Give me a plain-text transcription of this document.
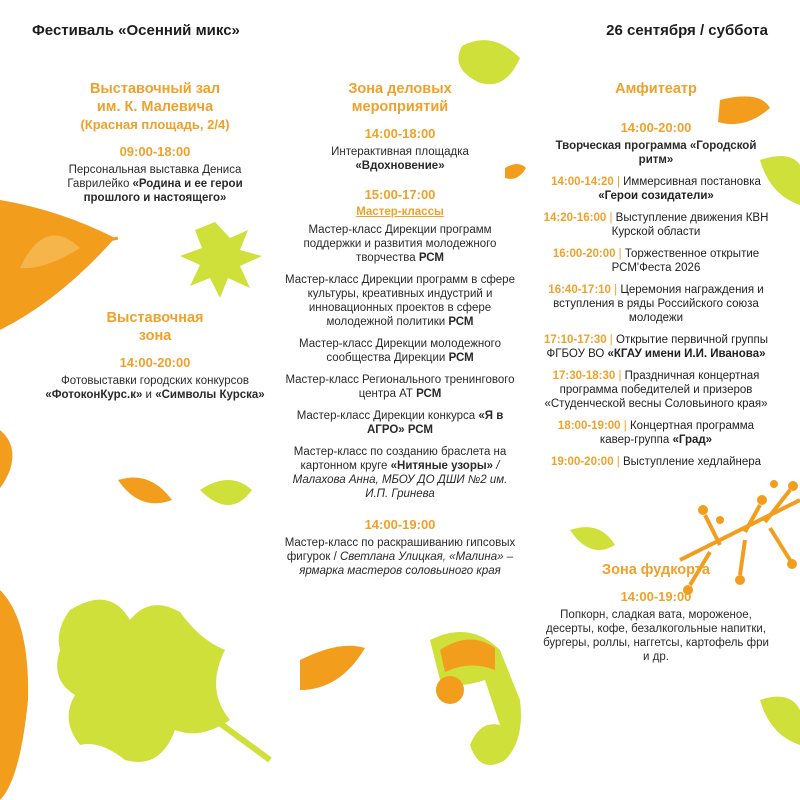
Фестиваль «Осенний микс»	26 сентября / суббота
Выставочный зал
им. К. Малевича
(Красная площадь, 2/4)
09:00-18:00
Персональная выставка Дениса Гаврилейко «Родина и ее герои прошлого и настоящего»
Выставочная
зона
14:00-20:00
Фотовыставки городских конкурсов «ФотоконКурс.к» и «Символы Курска»
Зона деловых
мероприятий
14:00-18:00
Интерактивная площадка
«Вдохновение»
15:00-17:00
Мастер-классы
Мастер-класс Дирекции программ поддержки и развития молодежного творчества РСМ
Мастер-класс Дирекции программ в сфере культуры, креативных индустрий и инновационных проектов в сфере молодежной политики РСМ
Мастер-класс Дирекции молодежного сообщества Дирекции РСМ
Мастер-класс Регионального тренингового центра АТ РСМ
Мастер-класс Дирекции конкурса «Я в АГРО» РСМ
Мастер-класс по созданию браслета на картонном круге «Нитяные узоры» / Малахова Анна, МБОУ ДО ДШИ №2 им. И.П. Гринева
14:00-19:00
Мастер-класс по раскрашиванию гипсовых фигурок / Светлана Улицкая, «Малина» – ярмарка мастеров соловьиного края
Амфитеатр
14:00-20:00
Творческая программа «Городской ритм»
14:00-14:20 | Иммерсивная постановка «Герои созидатели»
14:20-16:00 | Выступление движения КВН Курской области
16:00-20:00 | Торжественное открытие РСМ'Феста 2026
16:40-17:10 | Церемония награждения и вступления в ряды Российского союза молодежи
17:10-17:30 | Открытие первичной группы ФГБОУ ВО «КГАУ имени И.И. Иванова»
17:30-18:30 | Праздничная концертная программа победителей и призеров «Студенческой весны Соловьиного края»
18:00-19:00 | Концертная программа кавер-группа «Град»
19:00-20:00 | Выступление хедлайнера
Зона фудкорта
14:00-19:00
Попкорн, сладкая вата, мороженое, десерты, кофе, безалкогольные напитки, бургеры, роллы, наггетсы, картофель фри и др.
